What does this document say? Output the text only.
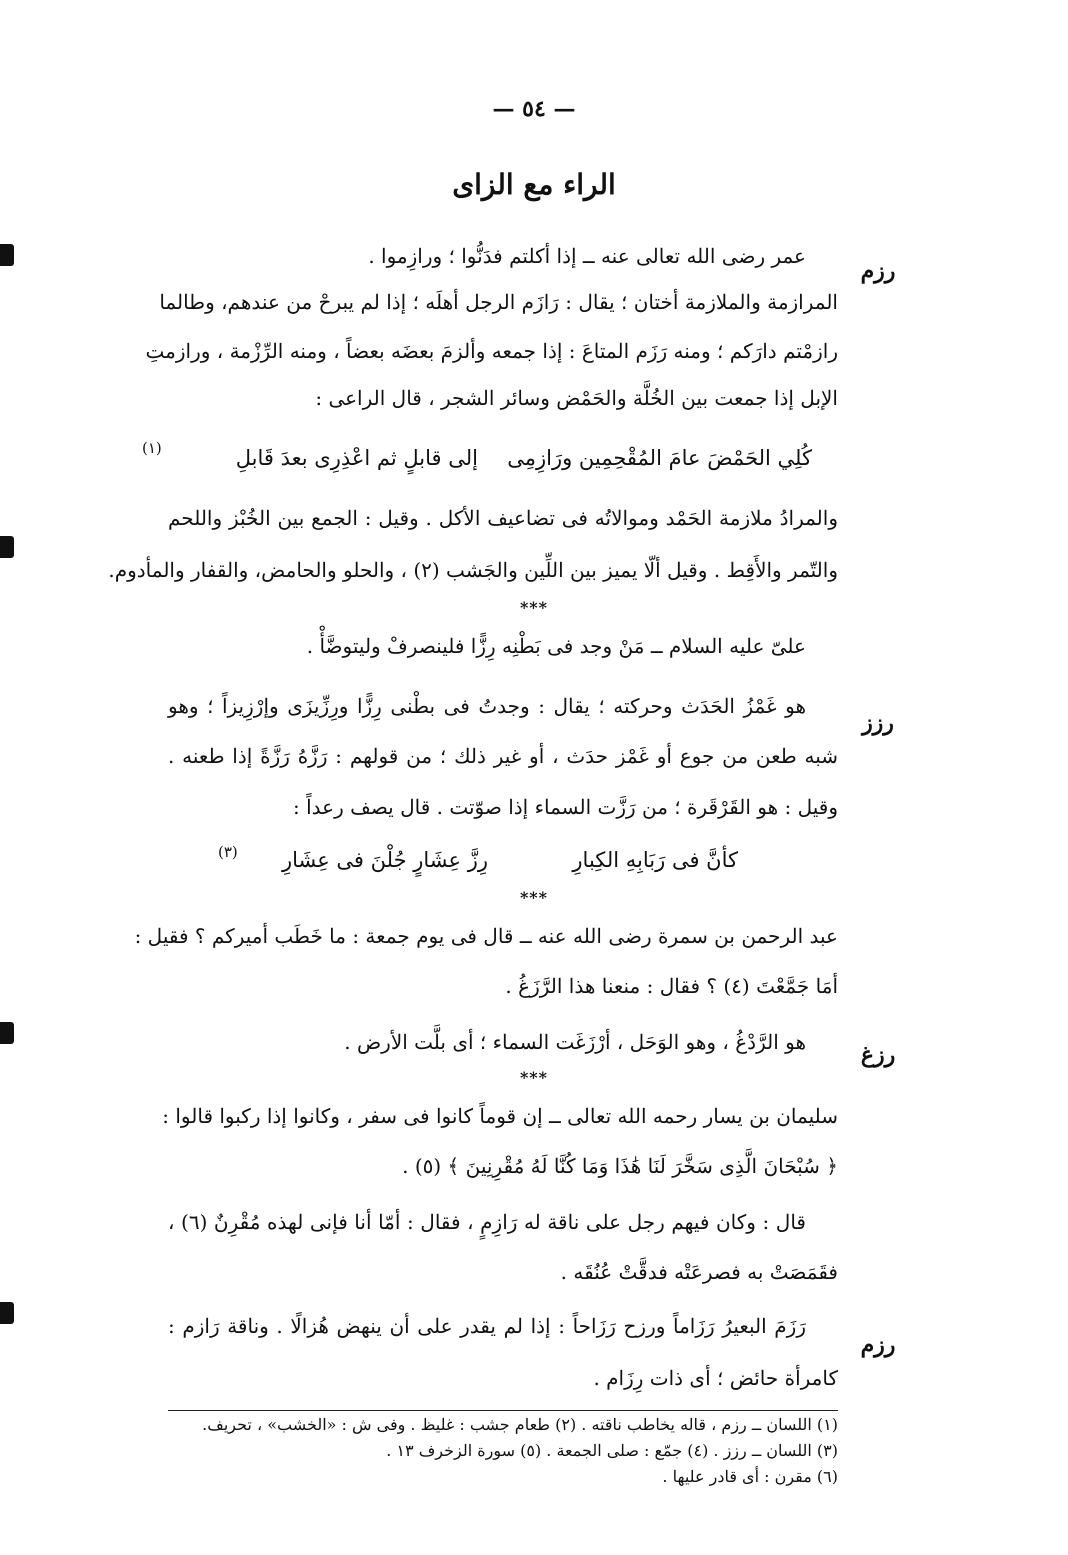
— ٥٤ —
الراء مع الزاى
رزم
عمر رضى الله تعالى عنه ــ إذا أكلتم فدَنُّوا ؛ ورازِموا .
المرازمة والملازمة أختان ؛ يقال : رَازَم الرجل أهلَه ؛ إذا لم يبرحْ من عندهم، وطالما
رازمْتم دارَكم ؛ ومنه رَزَم المتاعَ : إذا جمعه وألزمَ بعضَه بعضاً ، ومنه الرِّزْمة ، ورازمتِ
الإبل إذا جمعت بين الخُلَّة والحَمْض وسائر الشجر ، قال الراعى :
كُلِي الحَمْضَ عامَ المُقْحِمِين ورَازِمِى
إلى قابلٍ ثم اعْذِرِى بعدَ قَابلِ
(١)
والمرادُ ملازمة الحَمْد وموالاتُه فى تضاعيف الأكل . وقيل : الجمع بين الخُبْز واللحم
والتّمر والأَقِط . وقيل ألّا يميز بين اللِّين والجَشب (٢) ، والحلو والحامض، والقفار والمأدوم.
***
علىّ عليه السلام ــ مَنْ وجد فى بَطْنِه رِزًّا فلينصرفْ وليتوضَّأْ .
رزز
هو غَمْزُ الحَدَث وحركته ؛ يقال : وجدتُ فى بطْنى رِزًّا ورِزِّيزَى وإرْزِيزاً ؛ وهو
شبه طعن من جوع أو غَمْز حدَث ، أو غير ذلك ؛ من قولهم : رَزَّهُ رَزَّةً إذا طعنه .
وقيل : هو القَرْقَرة ؛ من رَزَّت السماء إذا صوّتت . قال يصف رعداً :
كأنَّ فى رَبَابِهِ الكِبارِ
رِزَّ عِشَارٍ جُلْنَ فى عِشَارِ
(٣)
***
عبد الرحمن بن سمرة رضى الله عنه ــ قال فى يوم جمعة : ما خَطَب أميركم ؟ فقيل :
أمَا جَمَّعْتَ (٤) ؟ فقال : منعنا هذا الرَّزَغُ .
رزغ
هو الرَّدْغُ ، وهو الوَحَل ، أرْزَغَت السماء ؛ أى بلَّت الأرض .
***
سليمان بن يسار رحمه الله تعالى ــ إن قوماً كانوا فى سفر ، وكانوا إذا ركبوا قالوا :
﴿ سُبْحَانَ الَّذِى سَخَّرَ لَنَا هَٰذَا وَمَا كُنَّا لَهُ مُقْرِنِينَ ﴾ (٥) .
قال : وكان فيهم رجل على ناقة له رَازِمٍ ، فقال : أمّا أنا فإنى لهذه مُقْرِنٌ (٦) ،
فقَمَصَتْ به فصرعَتْه فدقَّتْ عُنُقَه .
رزم
رَزَمَ البعيرُ رَزَاماً ورزح رَزَاحاً : إذا لم يقدر على أن ينهض هُزالًا . وناقة رَازم :
كامرأة حائض ؛ أى ذات رِزَام .
(١) اللسان ــ رزم ، قاله يخاطب ناقته . (٢) طعام جشب : غليظ . وفى ش : «الخشب» ، تحريف.
(٣) اللسان ــ رزز . (٤) جمّع : صلى الجمعة . (٥) سورة الزخرف ١٣ .
(٦) مقرن : أى قادر عليها .
